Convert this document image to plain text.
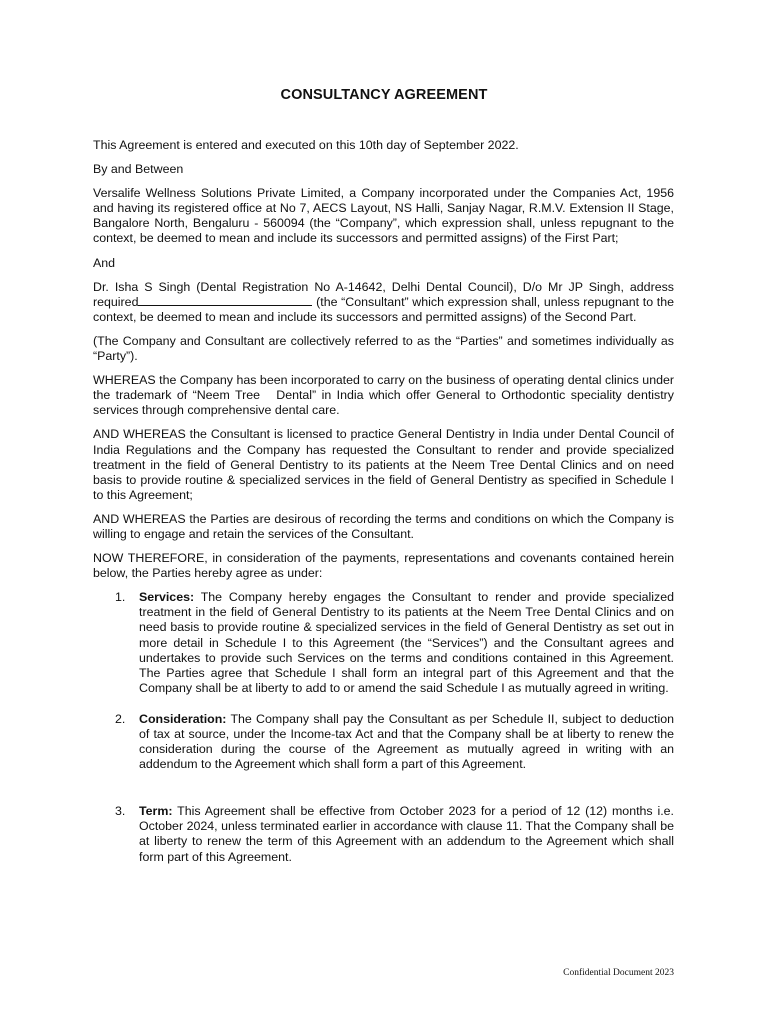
CONSULTANCY AGREEMENT

This Agreement is entered and executed on this 10th day of September 2022.

By and Between

Versalife Wellness Solutions Private Limited, a Company incorporated under the Companies Act, 1956 and having its registered office at No 7, AECS Layout, NS Halli, Sanjay Nagar, R.M.V. Extension II Stage, Bangalore North, Bengaluru - 560094 (the “Company”, which expression shall, unless repugnant to the context, be deemed to mean and include its successors and permitted assigns) of the First Part;

And

Dr. Isha S Singh (Dental Registration No A-14642, Delhi Dental Council), D/o Mr JP Singh, address required	(the “Consultant” which expression shall, unless repugnant to the context, be deemed to mean and include its successors and permitted assigns) of the Second Part.

(The Company and Consultant are collectively referred to as the “Parties” and sometimes individually as “Party”).

WHEREAS the Company has been incorporated to carry on the business of operating dental clinics under the trademark of “Neem Tree   Dental” in India which offer General to Orthodontic speciality dentistry services through comprehensive dental care.

AND WHEREAS the Consultant is licensed to practice General Dentistry in India under Dental Council of India Regulations and the Company has requested the Consultant to render and provide specialized treatment in the field of General Dentistry to its patients at the Neem Tree Dental Clinics and on need basis to provide routine & specialized services in the field of General Dentistry as specified in Schedule I to this Agreement;

AND WHEREAS the Parties are desirous of recording the terms and conditions on which the Company is willing to engage and retain the services of the Consultant.

NOW THEREFORE, in consideration of the payments, representations and covenants contained herein below, the Parties hereby agree as under:

1. Services: The Company hereby engages the Consultant to render and provide specialized treatment in the field of General Dentistry to its patients at the Neem Tree Dental Clinics and on need basis to provide routine & specialized services in the field of General Dentistry as set out in more detail in Schedule I to this Agreement (the “Services”) and the Consultant agrees and undertakes to provide such Services on the terms and conditions contained in this Agreement. The Parties agree that Schedule I shall form an integral part of this Agreement and that the Company shall be at liberty to add to or amend the said Schedule I as mutually agreed in writing.
2. Consideration: The Company shall pay the Consultant as per Schedule II, subject to deduction of tax at source, under the Income-tax Act and that the Company shall be at liberty to renew the consideration during the course of the Agreement as mutually agreed in writing with an addendum to the Agreement which shall form a part of this Agreement.
3. Term: This Agreement shall be effective from October 2023 for a period of 12 (12) months i.e. October 2024, unless terminated earlier in accordance with clause 11. That the Company shall be at liberty to renew the term of this Agreement with an addendum to the Agreement which shall form part of this Agreement.
Confidential Document 2023
